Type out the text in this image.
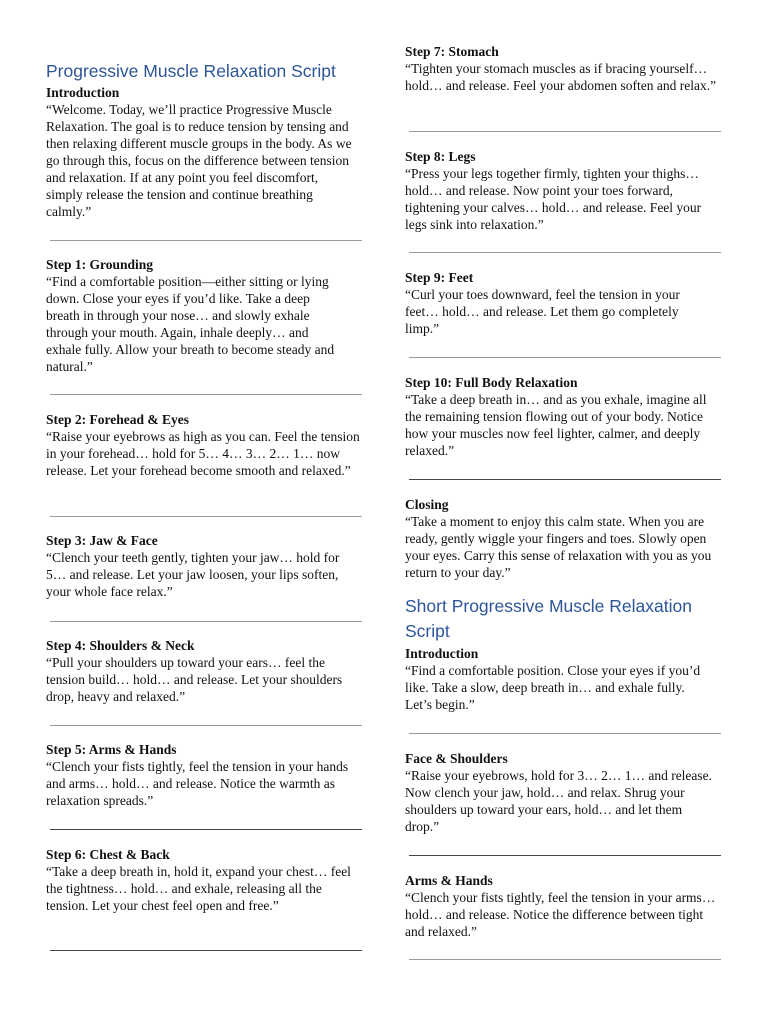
Progressive Muscle Relaxation Script

Introduction

“Welcome. Today, we’ll practice Progressive Muscle Relaxation. The goal is to reduce tension by tensing and then relaxing different muscle groups in the body. As we go through this, focus on the difference between tension and relaxation. If at any point you feel discomfort, simply release the tension and continue breathing calmly.”

Step 1: Grounding

“Find a comfortable position—either sitting or lying down. Close your eyes if you’d like. Take a deep breath in through your nose… and slowly exhale through your mouth. Again, inhale deeply… and exhale fully. Allow your breath to become steady and natural.”

Step 2: Forehead & Eyes

“Raise your eyebrows as high as you can. Feel the tension in your forehead… hold for 5… 4… 3… 2… 1… now release. Let your forehead become smooth and relaxed.”

Step 3: Jaw & Face

“Clench your teeth gently, tighten your jaw… hold for 5… and release. Let your jaw loosen, your lips soften, your whole face relax.”

Step 4: Shoulders & Neck

“Pull your shoulders up toward your ears… feel the tension build… hold… and release. Let your shoulders drop, heavy and relaxed.”

Step 5: Arms & Hands

“Clench your fists tightly, feel the tension in your hands and arms… hold… and release. Notice the warmth as relaxation spreads.”

Step 6: Chest & Back

“Take a deep breath in, hold it, expand your chest… feel the tightness… hold… and exhale, releasing all the tension. Let your chest feel open and free.”

Step 7: Stomach

“Tighten your stomach muscles as if bracing yourself… hold… and release. Feel your abdomen soften and relax.”

Step 8: Legs

“Press your legs together firmly, tighten your thighs… hold… and release. Now point your toes forward, tightening your calves… hold… and release. Feel your legs sink into relaxation.”

Step 9: Feet

“Curl your toes downward, feel the tension in your feet… hold… and release. Let them go completely limp.”

Step 10: Full Body Relaxation

“Take a deep breath in… and as you exhale, imagine all the remaining tension flowing out of your body. Notice how your muscles now feel lighter, calmer, and deeply relaxed.”

Closing

“Take a moment to enjoy this calm state. When you are ready, gently wiggle your fingers and toes. Slowly open your eyes. Carry this sense of relaxation with you as you return to your day.”

Short Progressive Muscle Relaxation Script

Introduction

“Find a comfortable position. Close your eyes if you’d like. Take a slow, deep breath in… and exhale fully. Let’s begin.”

Face & Shoulders

“Raise your eyebrows, hold for 3… 2… 1… and release. Now clench your jaw, hold… and relax. Shrug your shoulders up toward your ears, hold… and let them drop.”

Arms & Hands

“Clench your fists tightly, feel the tension in your arms… hold… and release. Notice the difference between tight and relaxed.”
